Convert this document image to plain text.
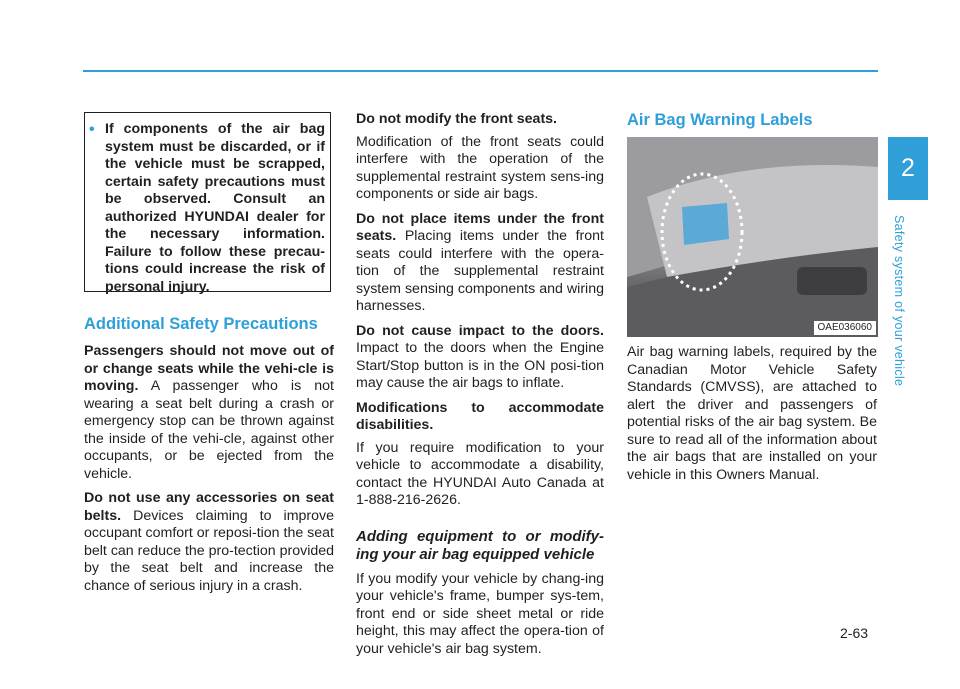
• If components of the air bag system must be discarded, or if the vehicle must be scrapped, certain safety precautions must be observed. Consult an authorized HYUNDAI dealer for the necessary information. Failure to follow these precau-tions could increase the risk of personal injury.

Additional Safety Precautions

Passengers should not move out of or change seats while the vehi-cle is moving. A passenger who is not wearing a seat belt during a crash or emergency stop can be thrown against the inside of the vehi-cle, against other occupants, or be ejected from the vehicle.

Do not use any accessories on seat belts. Devices claiming to improve occupant comfort or reposi-tion the seat belt can reduce the pro-tection provided by the seat belt and increase the chance of serious injury in a crash.

Do not modify the front seats.

Modification of the front seats could interfere with the operation of the supplemental restraint system sens-ing components or side air bags.

Do not place items under the front seats. Placing items under the front seats could interfere with the opera-tion of the supplemental restraint system sensing components and wiring harnesses.

Do not cause impact to the doors. Impact to the doors when the Engine Start/Stop button is in the ON posi-tion may cause the air bags to inflate.

Modifications to accommodate disabilities.

If you require modification to your vehicle to accommodate a disability, contact the HYUNDAI Auto Canada at 1-888-216-2626.

Adding equipment to or modify-ing your air bag equipped vehicle

If you modify your vehicle by chang-ing your vehicle's frame, bumper sys-tem, front end or side sheet metal or ride height, this may affect the opera-tion of your vehicle's air bag system.

Air Bag Warning Labels

OAE036060

Air bag warning labels, required by the Canadian Motor Vehicle Safety Standards (CMVSS), are attached to alert the driver and passengers of potential risks of the air bag system. Be sure to read all of the information about the air bags that are installed on your vehicle in this Owners Manual.

2
Safety system of your vehicle
2-63
